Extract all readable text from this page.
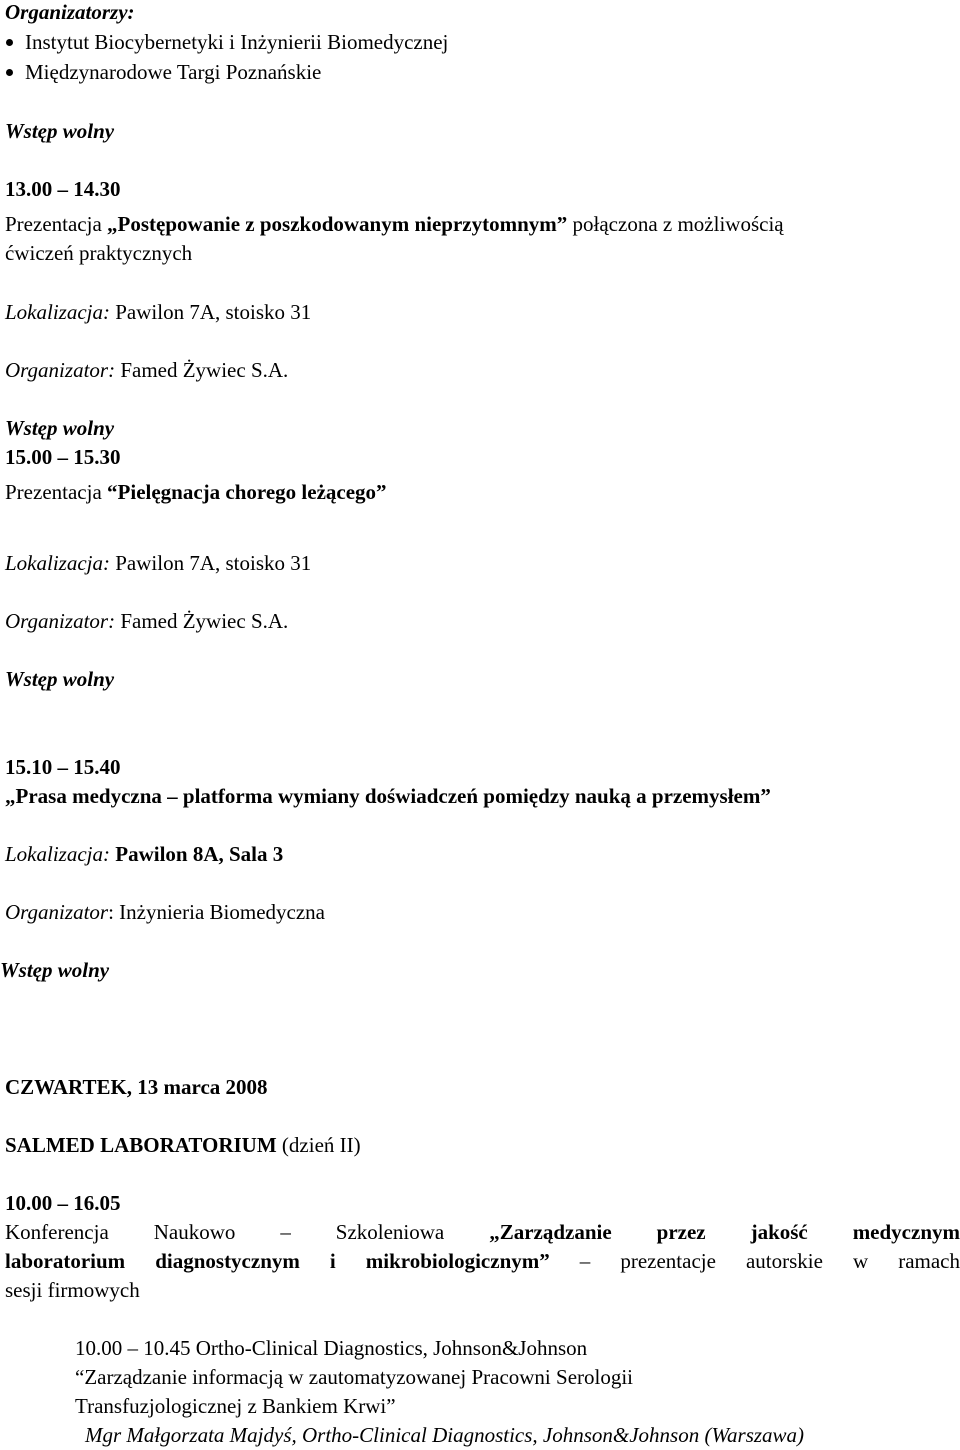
Organizatorzy:
Instytut Biocybernetyki i Inżynierii Biomedycznej
Międzynarodowe Targi Poznańskie
Wstęp wolny
13.00 – 14.30
Prezentacja „Postępowanie z poszkodowanym nieprzytomnym” połączona z możliwością
ćwiczeń praktycznych
Lokalizacja: Pawilon 7A, stoisko 31
Organizator: Famed Żywiec S.A.
Wstęp wolny
15.00 – 15.30
Prezentacja “Pielęgnacja chorego leżącego”
Lokalizacja: Pawilon 7A, stoisko 31
Organizator: Famed Żywiec S.A.
Wstęp wolny
15.10 – 15.40
„Prasa medyczna – platforma wymiany doświadczeń pomiędzy nauką a przemysłem”
Lokalizacja: Pawilon 8A, Sala 3
Organizator: Inżynieria Biomedyczna
Wstęp wolny
CZWARTEK, 13 marca 2008
SALMED LABORATORIUM (dzień II)
10.00 – 16.05
Konferencja Naukowo – Szkoleniowa „Zarządzanie przez jakość medycznym
laboratorium diagnostycznym i mikrobiologicznym” – prezentacje autorskie w ramach
sesji firmowych
10.00 – 10.45 Ortho-Clinical Diagnostics, Johnson&Johnson
“Zarządzanie informacją w zautomatyzowanej Pracowni Serologii
Transfuzjologicznej z Bankiem Krwi”
Mgr Małgorzata Majdyś, Ortho-Clinical Diagnostics, Johnson&Johnson (Warszawa)
